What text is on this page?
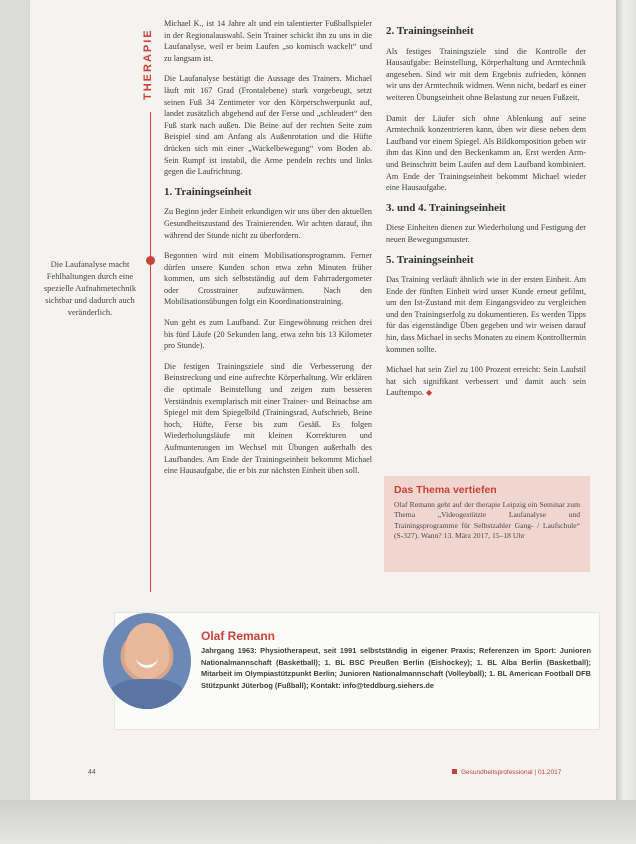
THERAPIE
Die Laufanalyse macht Fehlhaltungen durch eine spezielle Aufnahmetechnik sichtbar und dadurch auch veränderlich.

Michael K., ist 14 Jahre alt und ein talentierter Fußballspieler in der Regionalauswahl. Sein Trainer schickt ihn zu uns in die Laufanalyse, weil er beim Laufen „so komisch wackelt“ und zu langsam ist.

Die Laufanalyse bestätigt die Aussage des Trainers. Michael läuft mit 167 Grad (Frontalebene) stark vorgebeugt, setzt seinen Fuß 34 Zentimeter vor den Körperschwerpunkt auf, landet zusätzlich abgehend auf der Ferse und „schleudert“ den Fuß stark nach außen. Die Beine auf der rechten Seite zum Beispiel sind am Anfang als Außenrotation und die Hüfte drücken sich mit einer „Wackelbewegung“ vom Boden ab. Sein Rumpf ist instabil, die Arme pendeln rechts und links gegen die Laufrichtung.

1. Trainingseinheit

Zu Beginn jeder Einheit erkundigen wir uns über den aktuellen Gesundheitszustand des Trainierenden. Wir achten darauf, ihn während der Stunde nicht zu überfordern.

Begonnen wird mit einem Mobilisationsprogramm. Ferner dürfen unsere Kunden schon etwa zehn Minuten früher kommen, um sich selbstständig auf dem Fahrradergometer oder Crosstrainer aufzuwärmen. Nach den Mobilisationsübungen folgt ein Koordinationstraining.

Nun geht es zum Laufband. Zur Eingewöhnung reichen drei bis fünf Läufe (20 Sekunden lang, etwa zehn bis 13 Kilometer pro Stunde).

Die festigen Trainingsziele sind die Verbesserung der Beinstreckung und eine aufrechte Körperhaltung. Wir erklären die optimale Beinstellung und zeigen zum besseren Verständnis exemplarisch mit einer Trainer- und Beinachse am Spiegel mit dem Spiegelbild (Trainingsrad, Aufschrieb, Beine hoch, Hüfte, Ferse bis zum Gesäß. Es folgen Wiederholungsläufe mit kleinen Korrekturen und Aufmunterungen im Wechsel mit Übungen außerhalb des Laufbandes. Am Ende der Trainingseinheit bekommt Michael eine Hausaufgabe, die er bis zur nächsten Einheit üben soll.

2. Trainingseinheit

Als festiges Trainingsziele sind die Kontrolle der Hausaufgabe: Beinstellung, Körperhaltung und Armtechnik angesehen. Sind wir mit dem Ergebnis zufrieden, können wir uns der Armtechnik widmen. Wenn nicht, bedarf es einer weiteren Übungseinheit ohne Belastung zur neuen Fußzeit.

Damit der Läufer sich ohne Ablenkung auf seine Armtechnik konzentrieren kann, üben wir diese neben dem Laufband vor einem Spiegel. Als Bildkomposition geben wir ihm das Kinn und den Beckenkamm an. Erst werden Arm- und Beinschritt beim Laufen auf dem Laufband kombiniert. Am Ende der Trainingseinheit bekommt Michael wieder eine Hausaufgabe.

3. und 4. Trainingseinheit

Diese Einheiten dienen zur Wiederholung und Festigung der neuen Bewegungsmuster.

5. Trainingseinheit

Das Training verläuft ähnlich wie in der ersten Einheit. Am Ende der fünften Einheit wird unser Kunde erneut gefilmt, um den Ist-Zustand mit dem Eingangsvideo zu vergleichen und den Trainingserfolg zu dokumentieren. Es werden Tipps für das eigenständige Üben gegeben und wir weisen darauf hin, dass Michael in sechs Monaten zu einem Kontrolltermin kommen sollte.

Michael hat sein Ziel zu 100 Prozent erreicht: Sein Laufstil hat sich signifikant verbessert und damit auch sein Lauftempo. ◆

Das Thema vertiefen

Olaf Remann geht auf der therapie Leipzig ein Seminar zum Thema „Videogestützte Laufanalyse und Trainingsprogramme für Selbstzahler Gang- / Laufschule“ (S-327). Wann? 13. März 2017, 15–18 Uhr

Olaf Remann
Jahrgang 1963: Physiotherapeut, seit 1991 selbstständig in eigener Praxis; Referenzen im Sport: Junioren Nationalmannschaft (Basketball); 1. BL BSC Preußen Berlin (Eishockey); 1. BL Alba Berlin (Basketball); Mitarbeit im Olympiastützpunkt Berlin; Junioren Nationalmannschaft (Volleyball); 1. BL American Football DFB Stützpunkt Jüterbog (Fußball); Kontakt: info@teddburg.siehers.de
44	Gesundheitsprofessional | 01.2017
